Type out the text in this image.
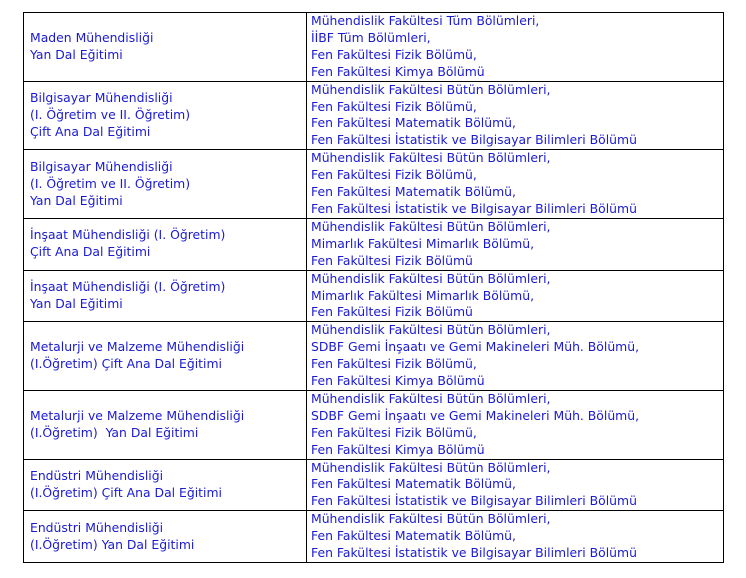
Maden Mühendisliği
Yan Dal Eğitimi	Mühendislik Fakültesi Tüm Bölümleri,
İİBF Tüm Bölümleri,
Fen Fakültesi Fizik Bölümü,
Fen Fakültesi Kimya Bölümü

Bilgisayar Mühendisliği
(I. Öğretim ve II. Öğretim)
Çift Ana Dal Eğitimi	Mühendislik Fakültesi Bütün Bölümleri,
Fen Fakültesi Fizik Bölümü,
Fen Fakültesi Matematik Bölümü,
Fen Fakültesi İstatistik ve Bilgisayar Bilimleri Bölümü

Bilgisayar Mühendisliği
(I. Öğretim ve II. Öğretim)
Yan Dal Eğitimi	Mühendislik Fakültesi Bütün Bölümleri,
Fen Fakültesi Fizik Bölümü,
Fen Fakültesi Matematik Bölümü,
Fen Fakültesi İstatistik ve Bilgisayar Bilimleri Bölümü

İnşaat Mühendisliği (I. Öğretim)
Çift Ana Dal Eğitimi	Mühendislik Fakültesi Bütün Bölümleri,
Mimarlık Fakültesi Mimarlık Bölümü,
Fen Fakültesi Fizik Bölümü

İnşaat Mühendisliği (I. Öğretim)
Yan Dal Eğitimi	Mühendislik Fakültesi Bütün Bölümleri,
Mimarlık Fakültesi Mimarlık Bölümü,
Fen Fakültesi Fizik Bölümü

Metalurji ve Malzeme Mühendisliği
(I.Öğretim) Çift Ana Dal Eğitimi	Mühendislik Fakültesi Bütün Bölümleri,
SDBF Gemi İnşaatı ve Gemi Makineleri Müh. Bölümü,
Fen Fakültesi Fizik Bölümü,
Fen Fakültesi Kimya Bölümü

Metalurji ve Malzeme Mühendisliği
(I.Öğretim)  Yan Dal Eğitimi	Mühendislik Fakültesi Bütün Bölümleri,
SDBF Gemi İnşaatı ve Gemi Makineleri Müh. Bölümü,
Fen Fakültesi Fizik Bölümü,
Fen Fakültesi Kimya Bölümü

Endüstri Mühendisliği
(I.Öğretim) Çift Ana Dal Eğitimi	Mühendislik Fakültesi Bütün Bölümleri,
Fen Fakültesi Matematik Bölümü,
Fen Fakültesi İstatistik ve Bilgisayar Bilimleri Bölümü

Endüstri Mühendisliği
(I.Öğretim) Yan Dal Eğitimi	Mühendislik Fakültesi Bütün Bölümleri,
Fen Fakültesi Matematik Bölümü,
Fen Fakültesi İstatistik ve Bilgisayar Bilimleri Bölümü
